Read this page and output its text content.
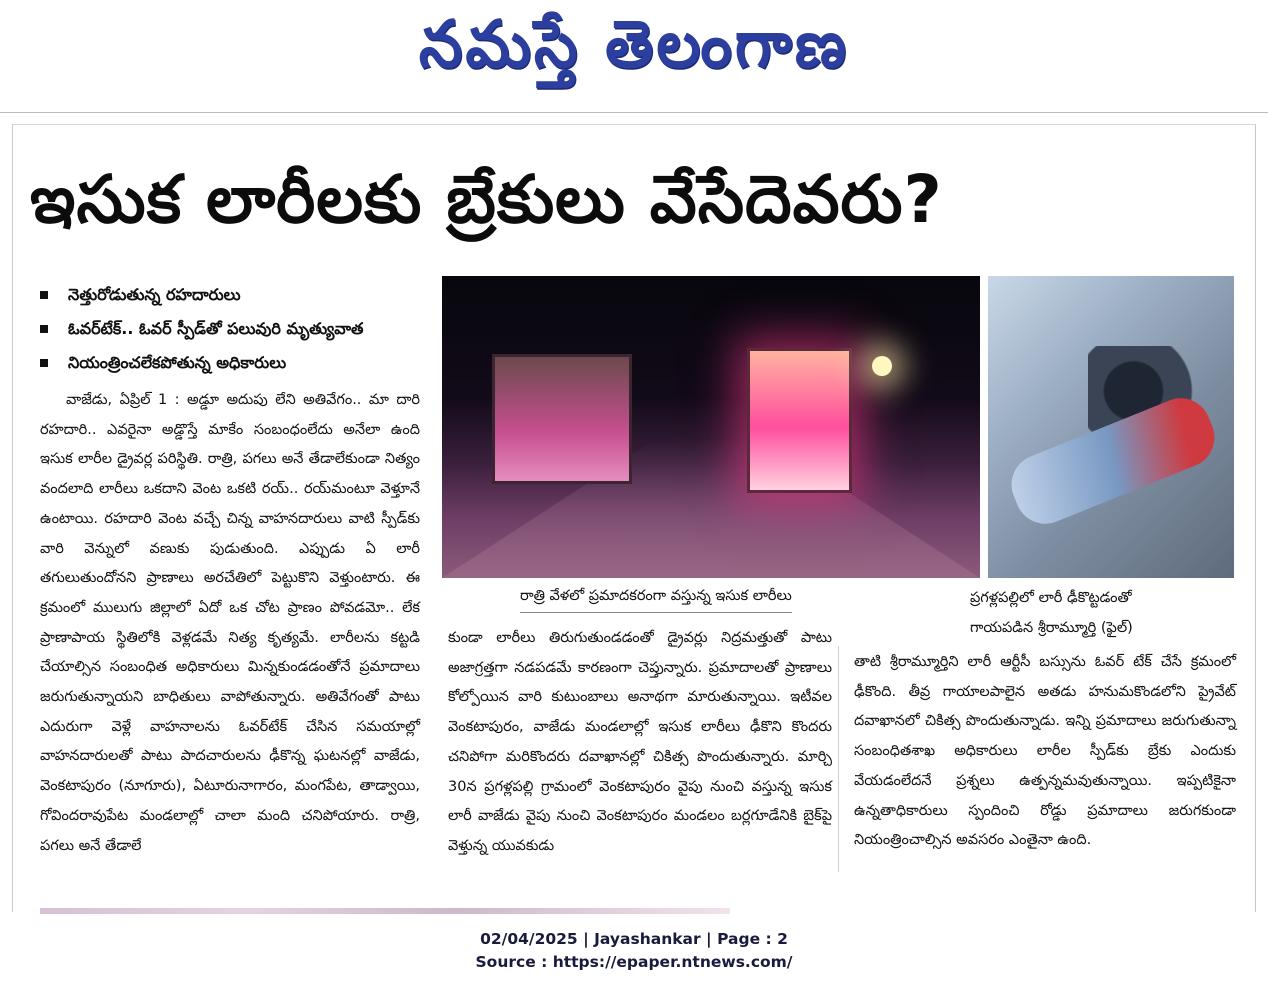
నమస్తే తెలంగాణ
ఇసుక లారీలకు బ్రేకులు వేసేదెవరు?
నెత్తురోడుతున్న రహదారులు
ఓవర్‌టేక్.. ఓవర్ స్పీడ్‌తో పలువురి మృత్యువాత
నియంత్రించలేకపోతున్న అధికారులు

వాజేడు, ఏప్రిల్ 1 : అడ్డూ అదుపు లేని అతివేగం.. మా దారి రహదారి.. ఎవరైనా అడ్డొస్తే మాకేం సంబంధంలేదు అనేలా ఉంది ఇసుక లారీల డ్రైవర్ల పరిస్థితి. రాత్రి, పగలు అనే తేడాలేకుండా నిత్యం వందలాది లారీలు ఒకదాని వెంట ఒకటి రయ్.. రయ్‌మంటూ వెళ్తూనే ఉంటాయి. రహదారి వెంట వచ్చే చిన్న వాహనదారులు వాటి స్పీడ్‌కు వారి వెన్నులో వణుకు పుడుతుంది. ఎప్పుడు ఏ లారీ తగులుతుందోనని ప్రాణాలు అరచేతిలో పెట్టుకొని వెళ్తుంటారు. ఈ క్రమంలో ములుగు జిల్లాలో ఏదో ఒక చోట ప్రాణం పోవడమో.. లేక ప్రాణాపాయ స్థితిలోకి వెళ్లడమే నిత్య కృత్యమే. లారీలను కట్టడి చేయాల్సిన సంబంధిత అధికారులు మిన్నకుండడంతోనే ప్రమాదాలు జరుగుతున్నాయని బాధితులు వాపోతున్నారు. అతివేగంతో పాటు ఎదురుగా వెళ్లే వాహనాలను ఓవర్‌టేక్ చేసిన సమయాల్లో వాహనదారులతో పాటు పాదచారులను ఢీకొన్న ఘటనల్లో వాజేడు, వెంకటాపురం (నూగూరు), ఏటూరునాగారం, మంగపేట, తాడ్వాయి, గోవిందరావుపేట మండలాల్లో చాలా మంది చనిపోయారు. రాత్రి, పగలు అనే తేడాలే

రాత్రి వేళలో ప్రమాదకరంగా వస్తున్న ఇసుక లారీలు	ప్రగళ్లపల్లిలో లారీ ఢీకొట్టడంతో
గాయపడిన శ్రీరామ్మూర్తి (ఫైల్)

కుండా లారీలు తిరుగుతుండడంతో డ్రైవర్లు నిద్రమత్తుతో పాటు అజాగ్రత్తగా నడపడమే కారణంగా చెప్తున్నారు. ప్రమాదాలతో ప్రాణాలు కోల్పోయిన వారి కుటుంబాలు అనాథగా మారుతున్నాయి. ఇటీవల వెంకటాపురం, వాజేడు మండలాల్లో ఇసుక లారీలు ఢీకొని కొందరు చనిపోగా మరికొందరు దవాఖానల్లో చికిత్స పొందుతున్నారు. మార్చి 30న ప్రగళ్లపల్లి గ్రామంలో వెంకటాపురం వైపు నుంచి వస్తున్న ఇసుక లారీ వాజేడు వైపు నుంచి వెంకటాపురం మండలం బర్లగూడేనికి బైక్‌పై వెళ్తున్న యువకుడు

తాటి శ్రీరామ్మూర్తిని లారీ ఆర్టీసీ బస్సును ఓవర్ టేక్ చేసే క్రమంలో ఢీకొంది. తీవ్ర గాయాలపాలైన అతడు హనుమకొండలోని ప్రైవేట్ దవాఖానలో చికిత్స పొందుతున్నాడు. ఇన్ని ప్రమాదాలు జరుగుతున్నా సంబంధితశాఖ అధికారులు లారీల స్పీడ్‌కు బ్రేకు ఎందుకు వేయడంలేదనే ప్రశ్నలు ఉత్పన్నమవుతున్నాయి. ఇప్పటికైనా ఉన్నతాధికారులు స్పందించి రోడ్డు ప్రమాదాలు జరుగకుండా నియంత్రించాల్సిన అవసరం ఎంతైనా ఉంది.

02/04/2025 | Jayashankar | Page : 2
Source : https://epaper.ntnews.com/
